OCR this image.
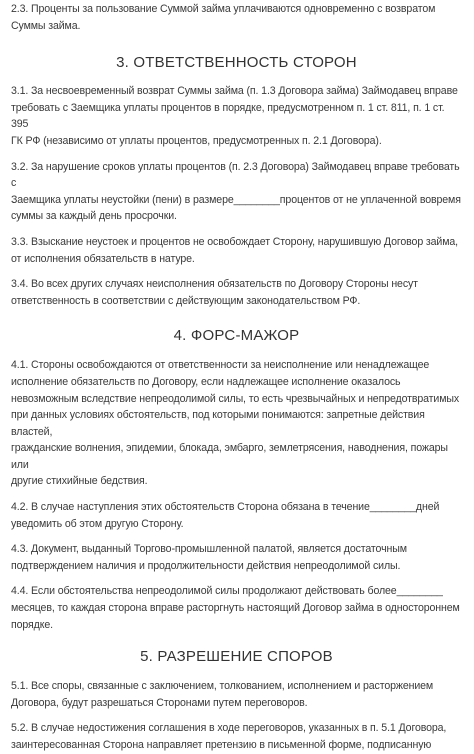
2.3. Проценты за пользование Суммой займа уплачиваются одновременно с возвратом
Суммы займа.

3. ОТВЕТСТВЕННОСТЬ СТОРОН

3.1. За несвоевременный возврат Суммы займа (п. 1.3 Договора займа) Займодавец вправе
требовать с Заемщика уплаты процентов в порядке, предусмотренном п. 1 ст. 811, п. 1 ст. 395
ГК РФ (независимо от уплаты процентов, предусмотренных п. 2.1 Договора).

3.2. За нарушение сроков уплаты процентов (п. 2.3 Договора) Займодавец вправе требовать с
Заемщика уплаты неустойки (пени) в размере________процентов от не уплаченной вовремя
суммы за каждый день просрочки.

3.3. Взыскание неустоек и процентов не освобождает Сторону, нарушившую Договор займа,
от исполнения обязательств в натуре.

3.4. Во всех других случаях неисполнения обязательств по Договору Стороны несут
ответственность в соответствии с действующим законодательством РФ.

4. ФОРС-МАЖОР

4.1. Стороны освобождаются от ответственности за неисполнение или ненадлежащее
исполнение обязательств по Договору, если надлежащее исполнение оказалось
невозможным вследствие непреодолимой силы, то есть чрезвычайных и непредотвратимых
при данных условиях обстоятельств, под которыми понимаются: запретные действия властей,
гражданские волнения, эпидемии, блокада, эмбарго, землетрясения, наводнения, пожары или
другие стихийные бедствия.

4.2. В случае наступления этих обстоятельств Сторона обязана в течение________дней
уведомить об этом другую Сторону.

4.3. Документ, выданный Торгово-промышленной палатой, является достаточным
подтверждением наличия и продолжительности действия непреодолимой силы.

4.4. Если обстоятельства непреодолимой силы продолжают действовать более________
месяцев, то каждая сторона вправе расторгнуть настоящий Договор займа в одностороннем
порядке.

5. РАЗРЕШЕНИЕ СПОРОВ

5.1. Все споры, связанные с заключением, толкованием, исполнением и расторжением
Договора, будут разрешаться Сторонами путем переговоров.

5.2. В случае недостижения соглашения в ходе переговоров, указанных в п. 5.1 Договора,
заинтересованная Сторона направляет претензию в письменной форме, подписанную
